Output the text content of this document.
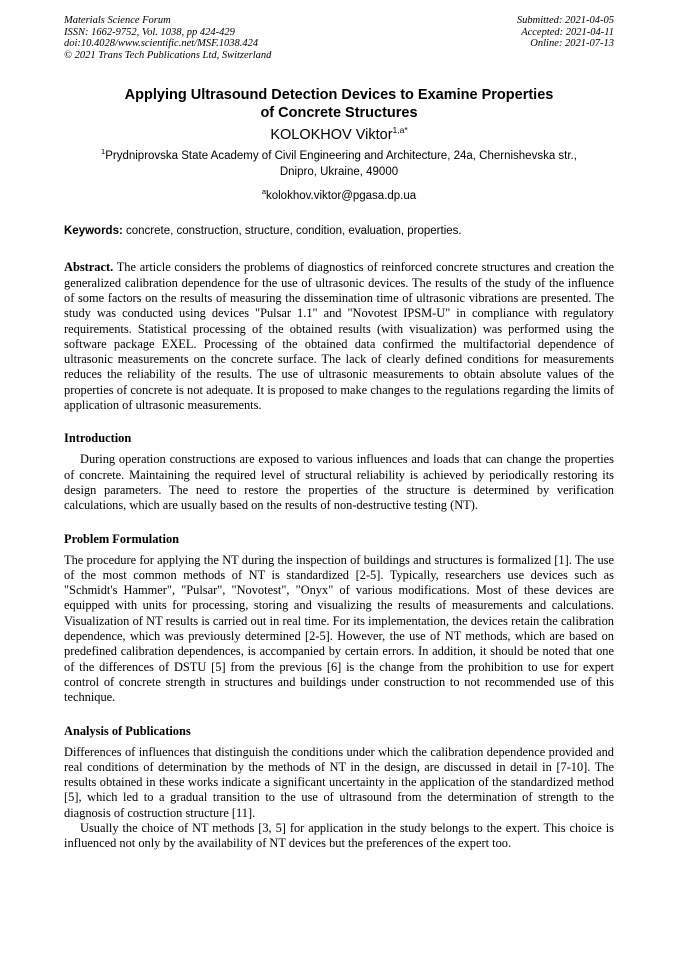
Materials Science Forum
ISSN: 1662-9752, Vol. 1038, pp 424-429
doi:10.4028/www.scientific.net/MSF.1038.424
© 2021 Trans Tech Publications Ltd, Switzerland
Submitted: 2021-04-05
Accepted: 2021-04-11
Online: 2021-07-13
Applying Ultrasound Detection Devices to Examine Properties
of Concrete Structures
KOLOKHOV Viktor$^{1,a*}$
$^1$Prydniprovska State Academy of Civil Engineering and Architecture, 24a, Chernishevska str.,
Dnipro, Ukraine, 49000
$^a$kolokhov.viktor@pgasa.dp.ua
Keywords: concrete, construction, structure, condition, evaluation, properties.

Abstract. The article considers the problems of diagnostics of reinforced concrete structures and creation the generalized calibration dependence for the use of ultrasonic devices. The results of the study of the influence of some factors on the results of measuring the dissemination time of ultrasonic vibrations are presented. The study was conducted using devices "Pulsar 1.1" and "Novotest IPSM-U" in compliance with regulatory requirements. Statistical processing of the obtained results (with visualization) was performed using the software package EXEL. Processing of the obtained data confirmed the multifactorial dependence of ultrasonic measurements on the concrete surface. The lack of clearly defined conditions for measurements reduces the reliability of the results. The use of ultrasonic measurements to obtain absolute values of the properties of concrete is not adequate. It is proposed to make changes to the regulations regarding the limits of application of ultrasonic measurements.

Introduction

During operation constructions are exposed to various influences and loads that can change the properties of concrete. Maintaining the required level of structural reliability is achieved by periodically restoring its design parameters. The need to restore the properties of the structure is determined by verification calculations, which are usually based on the results of non-destructive testing (NT).

Problem Formulation

The procedure for applying the NT during the inspection of buildings and structures is formalized [1]. The use of the most common methods of NT is standardized [2-5]. Typically, researchers use devices such as "Schmidt's Hammer", "Pulsar", "Novotest", "Onyx" of various modifications. Most of these devices are equipped with units for processing, storing and visualizing the results of measurements and calculations. Visualization of NT results is carried out in real time. For its implementation, the devices retain the calibration dependence, which was previously determined [2-5]. However, the use of NT methods, which are based on predefined calibration dependences, is accompanied by certain errors. In addition, it should be noted that one of the differences of DSTU [5] from the previous [6] is the change from the prohibition to use for expert control of concrete strength in structures and buildings under construction to not recommended use of this technique.

Analysis of Publications

Differences of influences that distinguish the conditions under which the calibration dependence provided and real conditions of determination by the methods of NT in the design, are discussed in detail in [7-10]. The results obtained in these works indicate a significant uncertainty in the application of the standardized method [5], which led to a gradual transition to the use of ultrasound from the determination of strength to the diagnosis of costruction structure [11].

Usually the choice of NT methods [3, 5] for application in the study belongs to the expert. This choice is influenced not only by the availability of NT devices but the preferences of the expert too.
